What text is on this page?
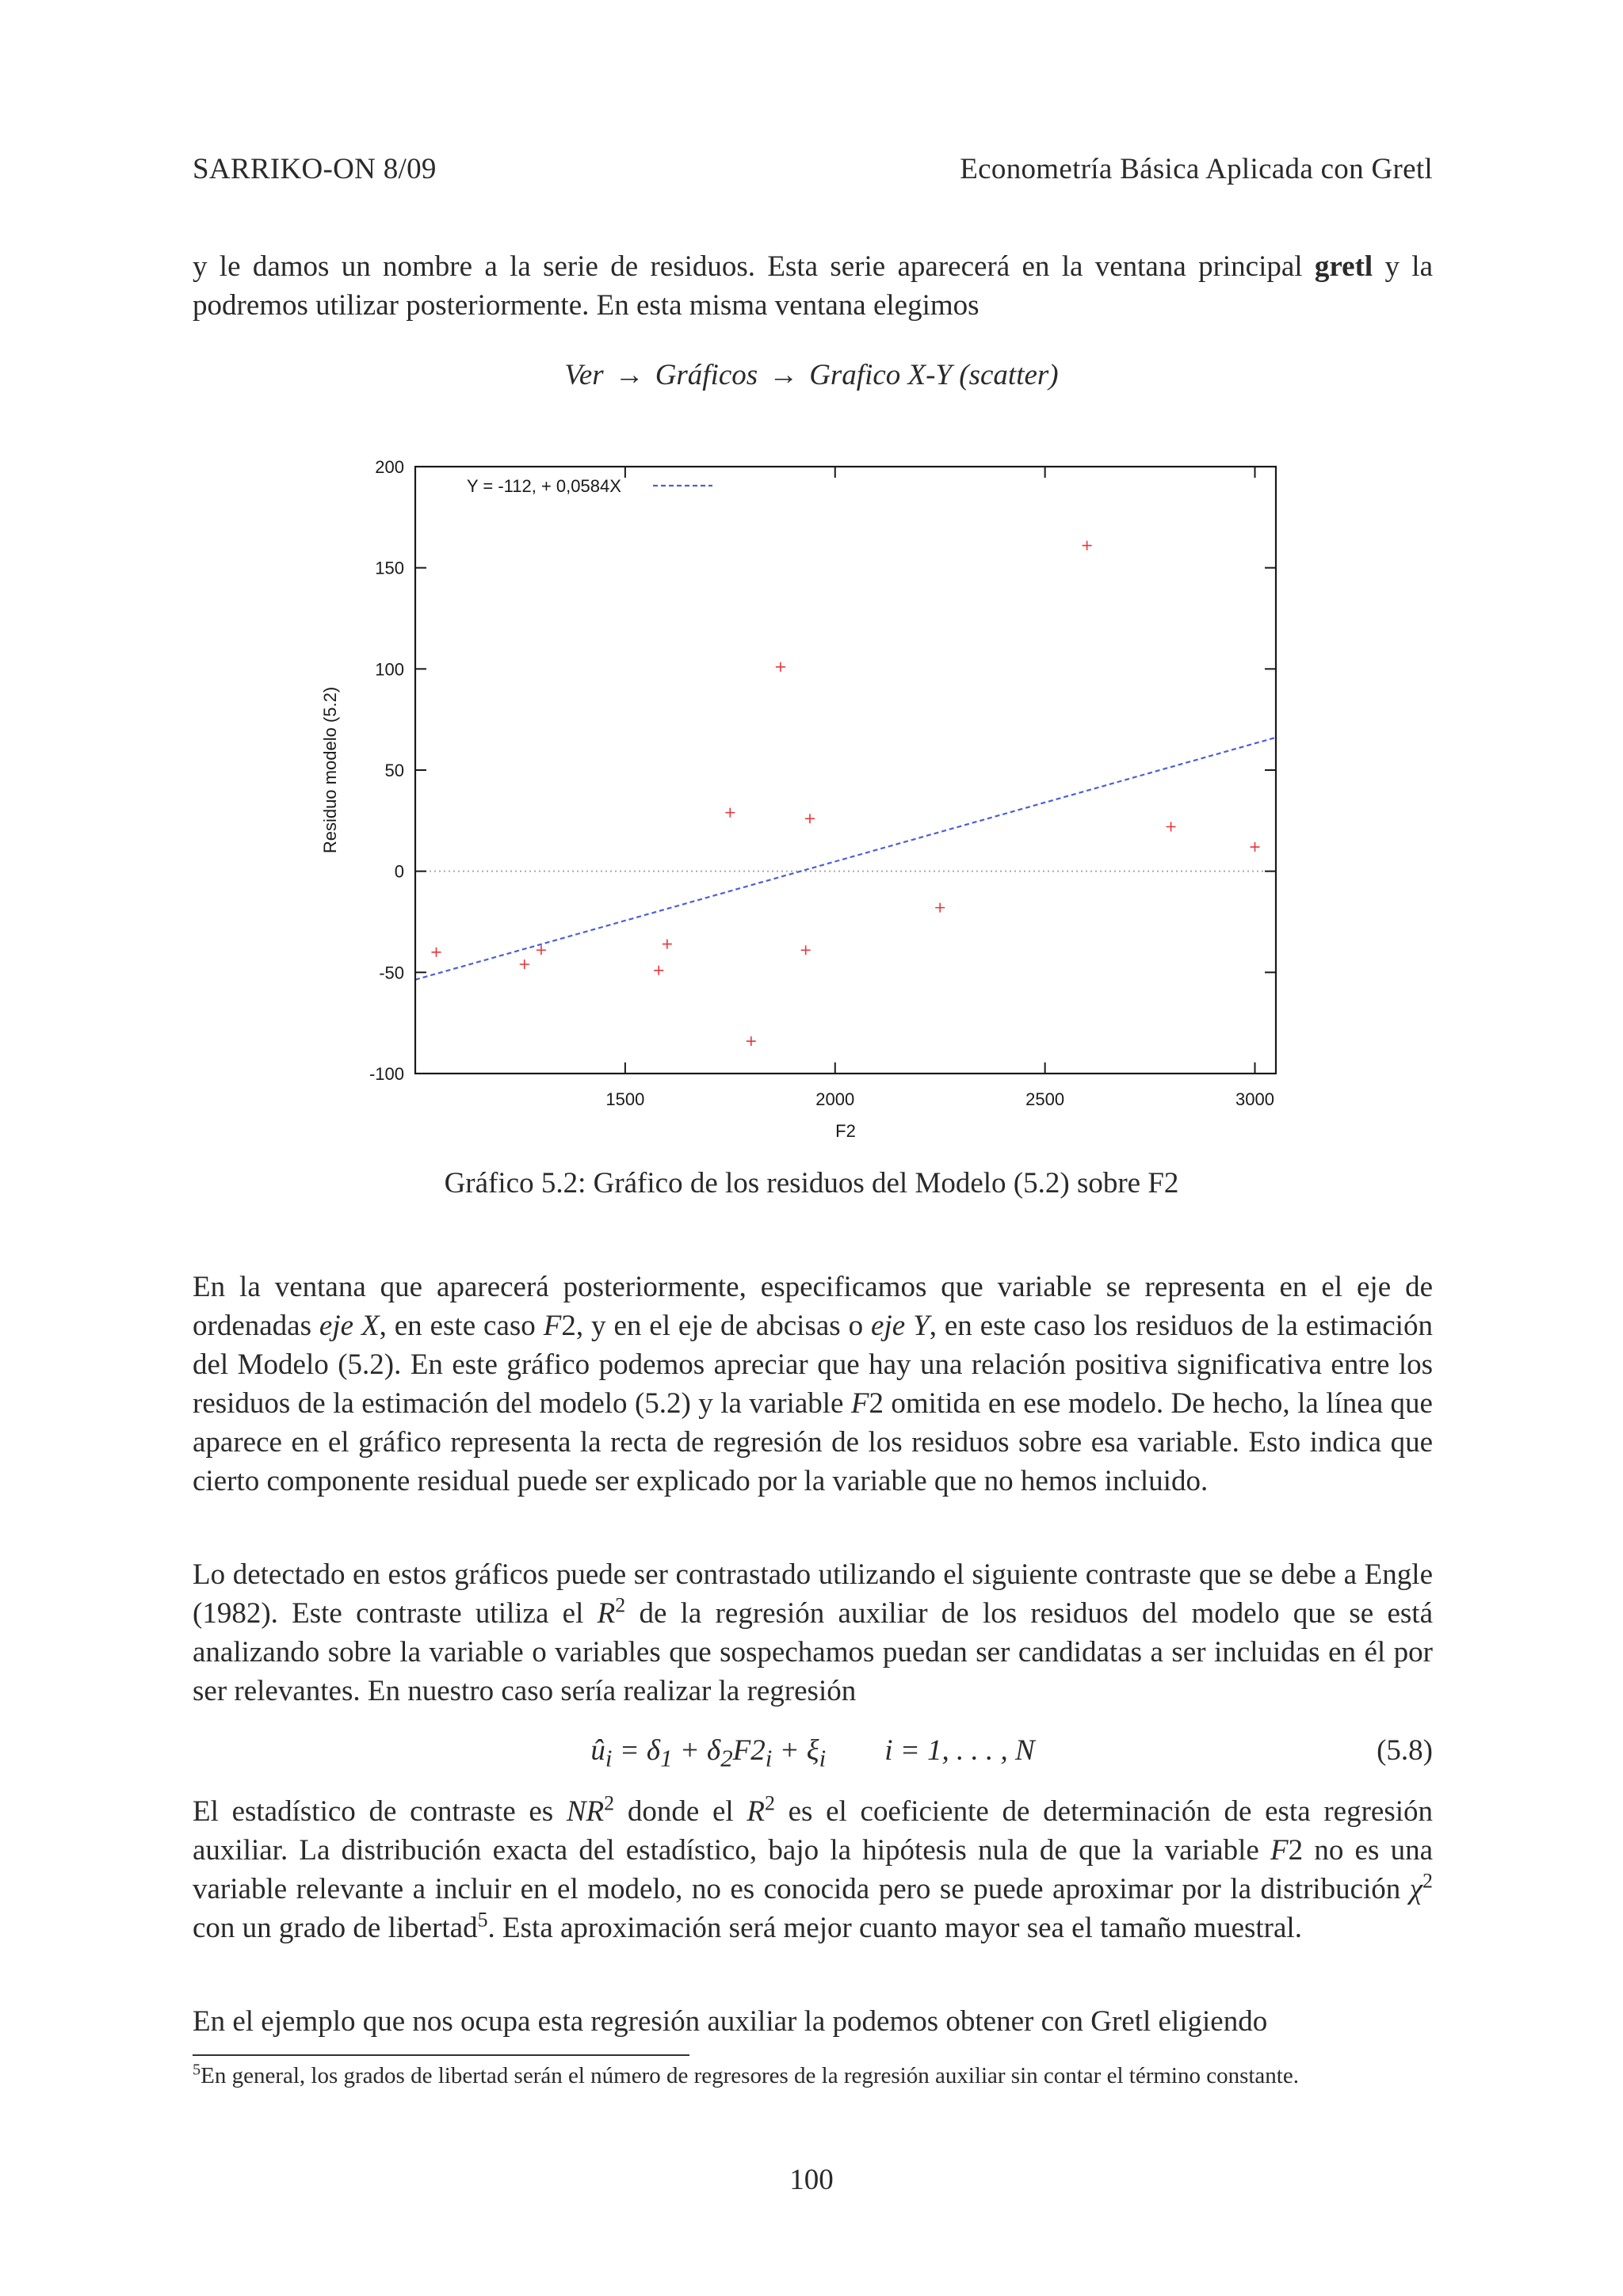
SARRIKO-ON 8/09	Econometría Básica Aplicada con Gretl

y le damos un nombre a la serie de residuos. Esta serie aparecerá en la ventana principal gretl y la podremos utilizar posteriormente. En esta misma ventana elegimos

Ver → Gráficos → Grafico X-Y (scatter)
-100
-50
0
50
100
150
200
1500	2000	2500	3000
F2
Residuo modelo (5.2)
Y = -112, + 0,0584X
Gráfico 5.2: Gráfico de los residuos del Modelo (5.2) sobre F2

En la ventana que aparecerá posteriormente, especificamos que variable se representa en el eje de ordenadas eje X, en este caso F2, y en el eje de abcisas o eje Y, en este caso los residuos de la estimación del Modelo (5.2). En este gráfico podemos apreciar que hay una relación positiva significativa entre los residuos de la estimación del modelo (5.2) y la variable F2 omitida en ese modelo. De hecho, la línea que aparece en el gráfico representa la recta de regresión de los residuos sobre esa variable. Esto indica que cierto componente residual puede ser explicado por la variable que no hemos incluido.

Lo detectado en estos gráficos puede ser contrastado utilizando el siguiente contraste que se debe a Engle (1982). Este contraste utiliza el $R^2$ de la regresión auxiliar de los residuos del modelo que se está analizando sobre la variable o variables que sospechamos puedan ser candidatas a ser incluidas en él por ser relevantes. En nuestro caso sería realizar la regresión

$û_i = \delta_1 + \delta_2F2_i + \xi_i$        i = 1, . . . , N	(5.8)

El estadístico de contraste es $NR^2$ donde el $R^2$ es el coeficiente de determinación de esta regresión auxiliar. La distribución exacta del estadístico, bajo la hipótesis nula de que la variable F2 no es una variable relevante a incluir en el modelo, no es conocida pero se puede aproximar por la distribución $\chi^2$ con un grado de libertad$^5$. Esta aproximación será mejor cuanto mayor sea el tamaño muestral.

En el ejemplo que nos ocupa esta regresión auxiliar la podemos obtener con Gretl eligiendo

$^5$En general, los grados de libertad serán el número de regresores de la regresión auxiliar sin contar el término constante.

100
